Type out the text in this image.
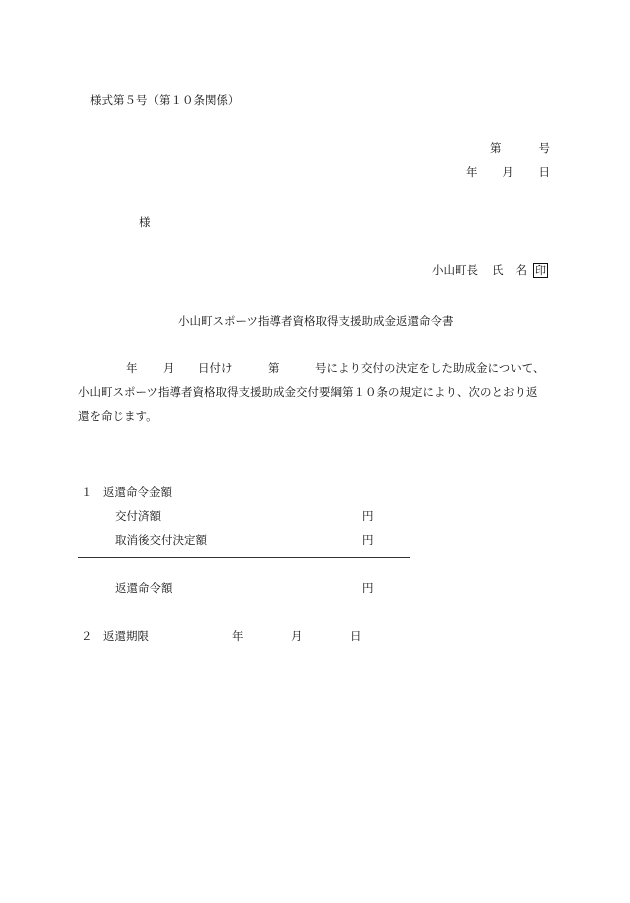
様式第５号（第１０条関係）
第	号
年 月 日
様
小山町長 氏 名 印
小山町スポーツ指導者資格取得支援助成金返還命令書
年 月 日付け	第	号により交付の決定をした助成金について、
小山町スポーツ指導者資格取得支援助成金交付要綱第１０条の規定により、次のとおり返
還を命じます。
１ 返還命令金額
交付済額	円
取消後交付決定額	円
返還命令額	円
２ 返還期限	年	月	日
